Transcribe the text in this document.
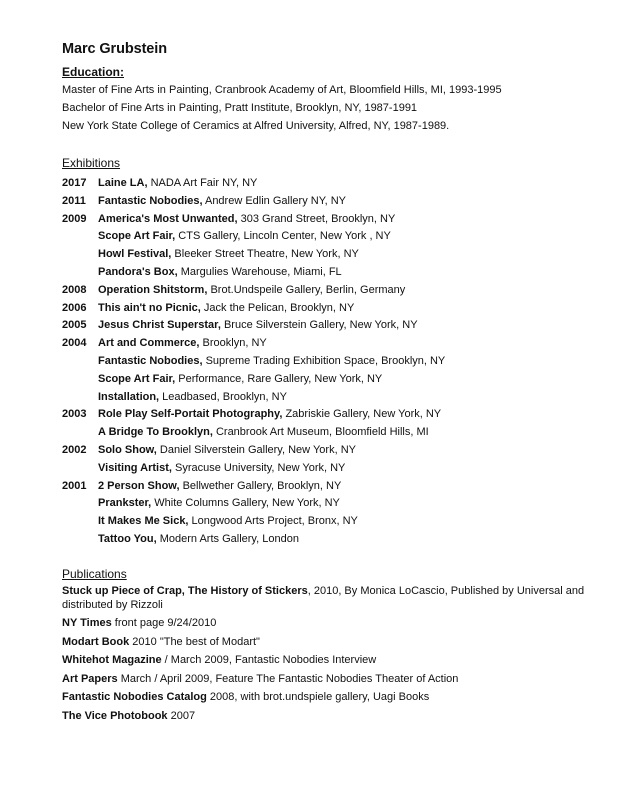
Marc Grubstein
Education:
Master of Fine Arts in Painting, Cranbrook Academy of Art, Bloomfield Hills, MI, 1993-1995
Bachelor of Fine Arts in Painting, Pratt Institute, Brooklyn, NY, 1987-1991
New York State College of Ceramics at Alfred University, Alfred, NY, 1987-1989.
Exhibitions
2017 Laine LA, NADA Art Fair NY, NY
2011 Fantastic Nobodies, Andrew Edlin Gallery NY, NY
2009 America's Most Unwanted, 303 Grand Street, Brooklyn, NY
Scope Art Fair, CTS Gallery, Lincoln Center, New York , NY
Howl Festival, Bleeker Street Theatre, New York, NY
Pandora's Box, Margulies Warehouse, Miami, FL
2008 Operation Shitstorm, Brot.Undspeile Gallery, Berlin, Germany
2006 This ain't no Picnic, Jack the Pelican, Brooklyn, NY
2005 Jesus Christ Superstar, Bruce Silverstein Gallery, New York, NY
2004 Art and Commerce, Brooklyn, NY
Fantastic Nobodies, Supreme Trading Exhibition Space, Brooklyn, NY
Scope Art Fair, Performance, Rare Gallery, New York, NY
Installation, Leadbased, Brooklyn, NY
2003 Role Play Self-Portait Photography, Zabriskie Gallery, New York, NY
A Bridge To Brooklyn, Cranbrook Art Museum, Bloomfield Hills, MI
2002 Solo Show, Daniel Silverstein Gallery, New York, NY
Visiting Artist, Syracuse University, New York, NY
2001 2 Person Show, Bellwether Gallery, Brooklyn, NY
Prankster, White Columns Gallery, New York, NY
It Makes Me Sick, Longwood Arts Project, Bronx, NY
Tattoo You, Modern Arts Gallery, London
Publications
Stuck up Piece of Crap, The History of Stickers, 2010, By Monica LoCascio, Published by Universal and distributed by Rizzoli
NY Times front page 9/24/2010
Modart Book 2010 "The best of Modart"
Whitehot Magazine / March 2009, Fantastic Nobodies Interview
Art Papers March / April 2009, Feature The Fantastic Nobodies Theater of Action
Fantastic Nobodies Catalog 2008, with brot.undspiele gallery, Uagi Books
The Vice Photobook 2007
